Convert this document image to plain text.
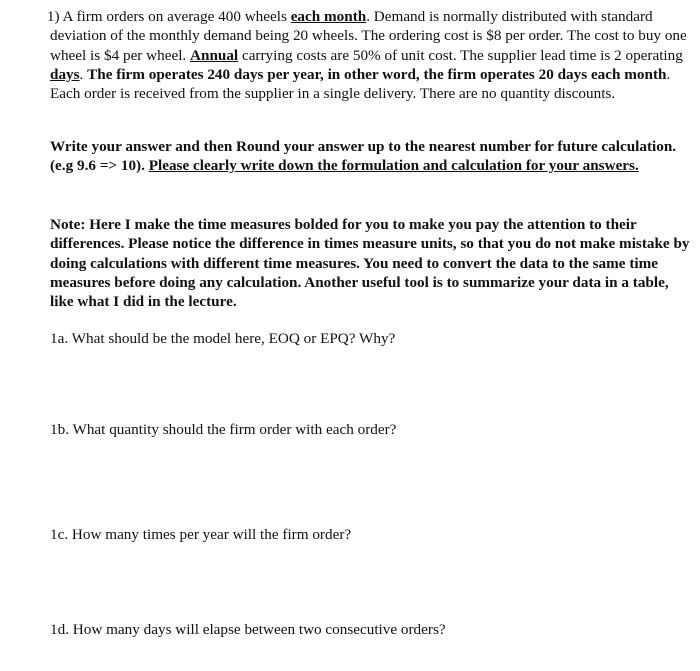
1) A firm orders on average 400 wheels each month. Demand is normally distributed with standard deviation of the monthly demand being 20 wheels. The ordering cost is $8 per order. The cost to buy one wheel is $4 per wheel. Annual carrying costs are 50% of unit cost. The supplier lead time is 2 operating days. The firm operates 240 days per year, in other word, the firm operates 20 days each month. Each order is received from the supplier in a single delivery. There are no quantity discounts.

Write your answer and then Round your answer up to the nearest number for future calculation. (e.g 9.6 => 10). Please clearly write down the formulation and calculation for your answers.

Note: Here I make the time measures bolded for you to make you pay the attention to their differences. Please notice the difference in times measure units, so that you do not make mistake by doing calculations with different time measures. You need to convert the data to the same time measures before doing any calculation. Another useful tool is to summarize your data in a table, like what I did in the lecture.

1a. What should be the model here, EOQ or EPQ? Why?

1b. What quantity should the firm order with each order?

1c. How many times per year will the firm order?

1d. How many days will elapse between two consecutive orders?
